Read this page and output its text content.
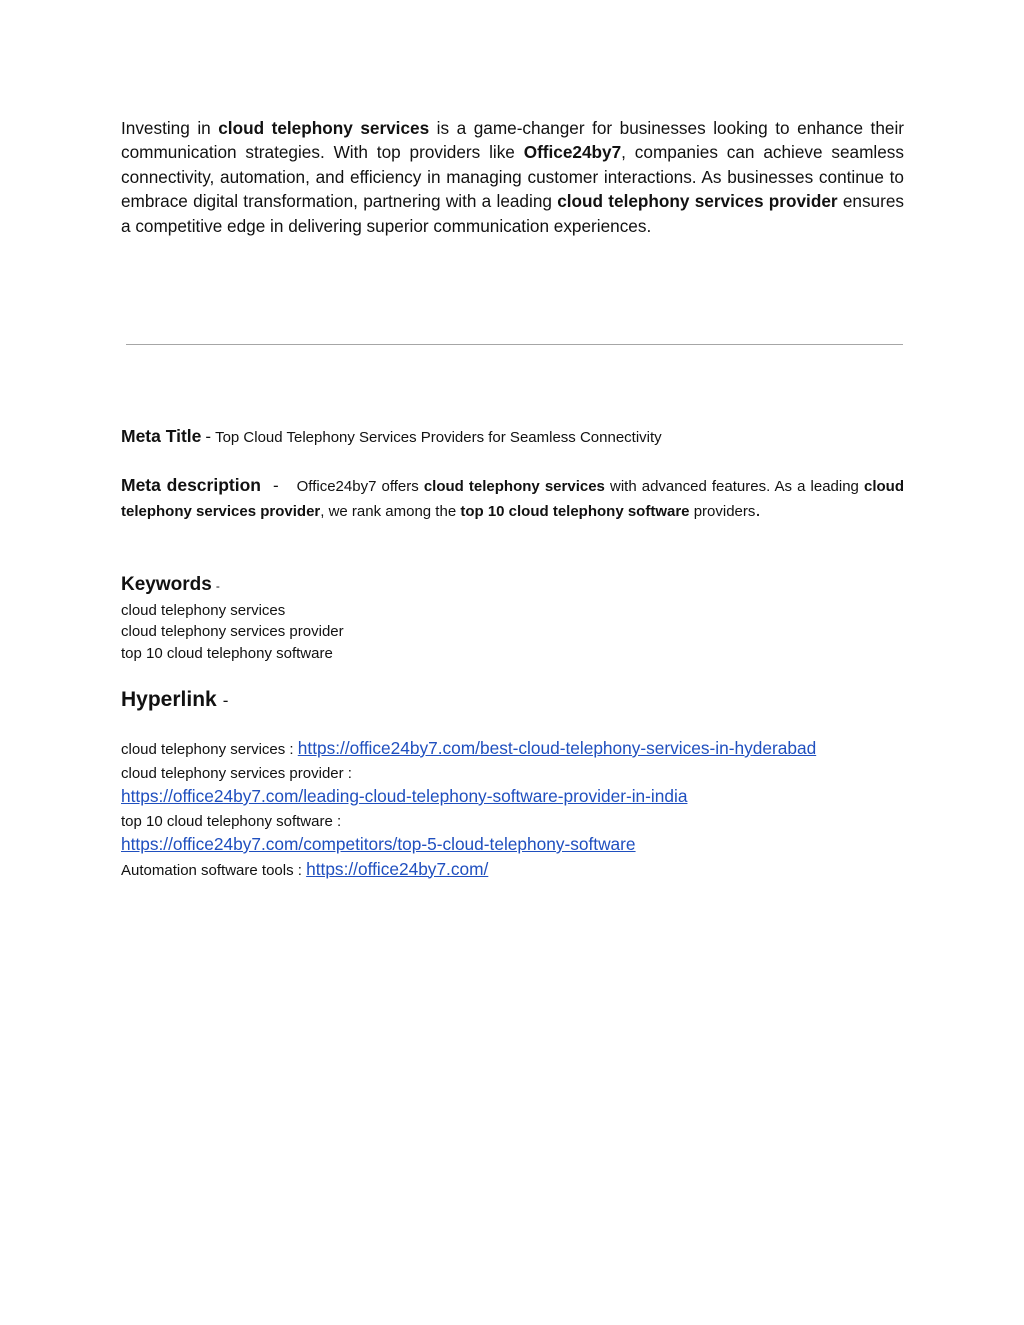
Investing in cloud telephony services is a game-changer for businesses looking to enhance their communication strategies. With top providers like Office24by7, companies can achieve seamless connectivity, automation, and efficiency in managing customer interactions. As businesses continue to embrace digital transformation, partnering with a leading cloud telephony services provider ensures a competitive edge in delivering superior communication experiences.

Meta Title - Top Cloud Telephony Services Providers for Seamless Connectivity

Meta description - Office24by7 offers cloud telephony services with advanced features. As a leading cloud telephony services provider, we rank among the top 10 cloud telephony software providers.

Keywords -

cloud telephony services
cloud telephony services provider
top 10 cloud telephony software

Hyperlink -

cloud telephony services : https://office24by7.com/best-cloud-telephony-services-in-hyderabad
cloud telephony services provider :
https://office24by7.com/leading-cloud-telephony-software-provider-in-india
top 10 cloud telephony software :
https://office24by7.com/competitors/top-5-cloud-telephony-software
Automation software tools : https://office24by7.com/
